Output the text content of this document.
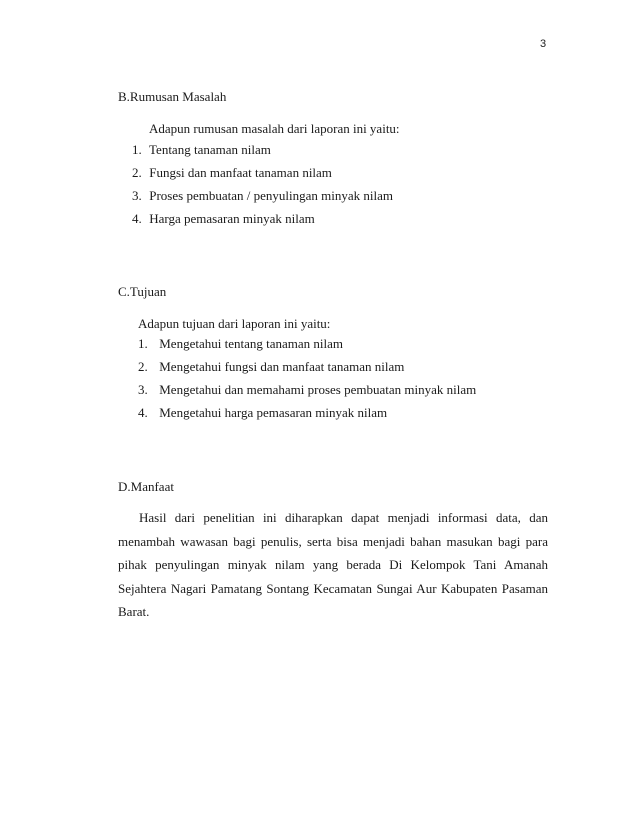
3
B.Rumusan Masalah
Adapun rumusan masalah dari laporan ini yaitu:
1. Tentang tanaman nilam
2. Fungsi dan manfaat tanaman nilam
3. Proses pembuatan / penyulingan minyak nilam
4. Harga pemasaran minyak nilam
C.Tujuan
Adapun tujuan dari laporan ini yaitu:
1. Mengetahui tentang tanaman nilam
2. Mengetahui fungsi dan manfaat tanaman nilam
3. Mengetahui dan memahami proses pembuatan minyak nilam
4. Mengetahui harga pemasaran minyak nilam
D.Manfaat

Hasil dari penelitian ini diharapkan dapat menjadi informasi data, dan menambah wawasan bagi penulis, serta bisa menjadi bahan masukan bagi para pihak penyulingan minyak nilam yang berada Di Kelompok Tani Amanah Sejahtera Nagari Pamatang Sontang Kecamatan Sungai Aur Kabupaten Pasaman Barat.
